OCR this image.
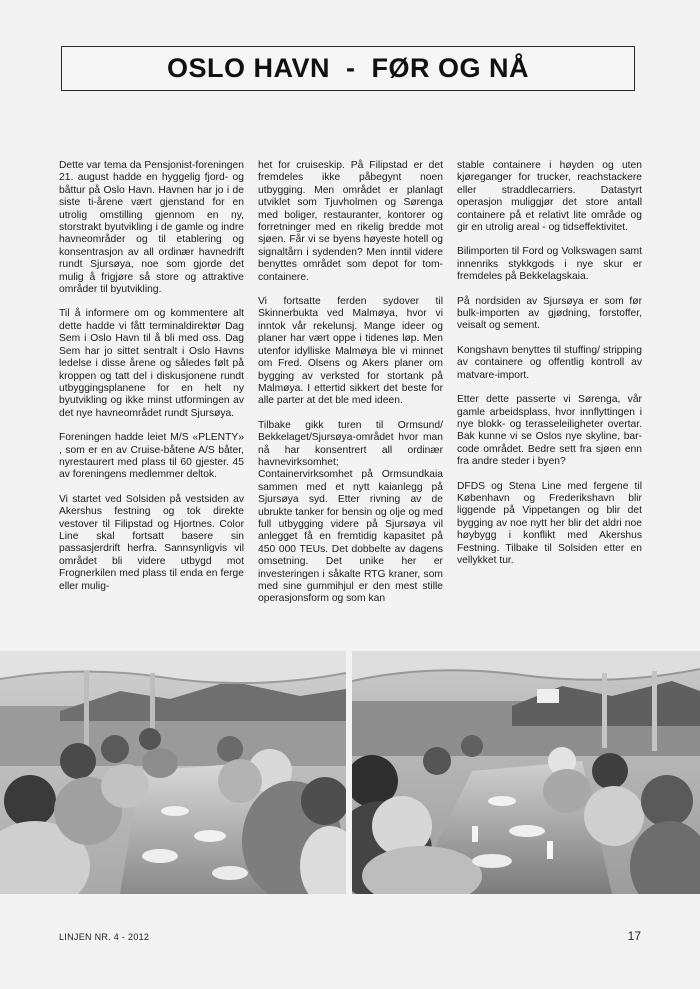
OSLO HAVN  -  FØR OG NÅ

Dette var tema da Pensjonist-foreningen 21. august hadde en hyggelig fjord- og båttur på Oslo Havn. Havnen har jo i de siste ti-årene vært gjenstand for en utrolig omstilling gjennom en ny, storstrakt byutvikling i de gamle og indre havneområder og til etablering og konsentrasjon av all ordinær havnedrift rundt Sjursøya, noe som gjorde det mulig å frigjøre så store og attraktive områder til byutvikling.

Til å informere om og kommentere alt dette hadde vi fått terminaldirektør Dag Sem i Oslo Havn til å bli med oss. Dag Sem har jo sittet sentralt i Oslo Havns ledelse i disse årene og således følt på kroppen og tatt del i diskusjonene rundt utbyggingsplanene for en helt ny byutvikling og ikke minst utformingen av det nye havneområdet rundt Sjursøya.

Foreningen hadde leiet M/S «PLENTY» , som er en av Cruise-båtene A/S båter, nyrestaurert med plass til 60 gjester. 45 av foreningens medlemmer deltok.

Vi startet ved Solsiden på vestsiden av Akershus festning og tok direkte vestover til Filipstad og Hjortnes. Color Line skal fortsatt basere sin passasjerdrift herfra. Sannsynligvis vil området bli videre utbygd mot Frognerkilen med plass til enda en ferge eller mulig-

het for cruiseskip. På Filipstad er det fremdeles ikke påbegynt noen utbygging. Men området er planlagt utviklet som Tjuvholmen og Sørenga med boliger, restauranter, kontorer og forretninger med en rikelig bredde mot sjøen. Får vi se byens høyeste hotell og signaltårn i sydenden? Men inntil videre benyttes området som depot for tom-containere.

Vi fortsatte ferden sydover til Skinnerbukta ved Malmøya, hvor vi inntok vår rekelunsj. Mange ideer og planer har vært oppe i tidenes løp. Men utenfor idylliske Malmøya ble vi minnet om Fred. Olsens og Akers planer om bygging av verksted for stortank på Malmøya. I ettertid sikkert det beste for alle parter at det ble med ideen.

Tilbake gikk turen til Ormsund/ Bekkelaget/Sjursøya-området hvor man nå har konsentrert all ordinær havnevirksomhet;
Containervirksomhet på Ormsundkaia sammen med et nytt kaianlegg på Sjursøya syd. Etter rivning av de ubrukte tanker for bensin og olje og med full utbygging videre på Sjursøya vil anlegget få en fremtidig kapasitet på 450 000 TEUs. Det dobbelte av dagens omsetning. Det unike her er investeringen i såkalte RTG kraner, som med sine gummihjul er den mest stille operasjonsform og som kan

stable containere i høyden og uten kjøreganger for trucker, reachstackere eller straddlecarriers. Datastyrt operasjon muliggjør det store antall containere på et relativt lite område og gir en utrolig areal - og tidseffektivitet.

Bilimporten til Ford og Volkswagen samt innenriks stykkgods i nye skur er fremdeles på Bekkelagskaia.

På nordsiden av Sjursøya er som før bulk-importen av gjødning, forstoffer, veisalt og sement.

Kongshavn benyttes til stuffing/ stripping av containere og offentlig kontroll av matvare-import.

Etter dette passerte vi Sørenga, vår gamle arbeidsplass, hvor innflyttingen i nye blokk- og terasseleiligheter overtar. Bak kunne vi se Oslos nye skyline, bar-code området. Bedre sett fra sjøen enn fra andre steder i byen?

DFDS og Stena Line med fergene til København og Frederikshavn blir liggende på Vippetangen og blir det bygging av noe nytt her blir det aldri noe høybygg i konflikt med Akershus Festning. Tilbake til Solsiden etter en vellykket tur.

LINJEN NR. 4 - 2012	17
